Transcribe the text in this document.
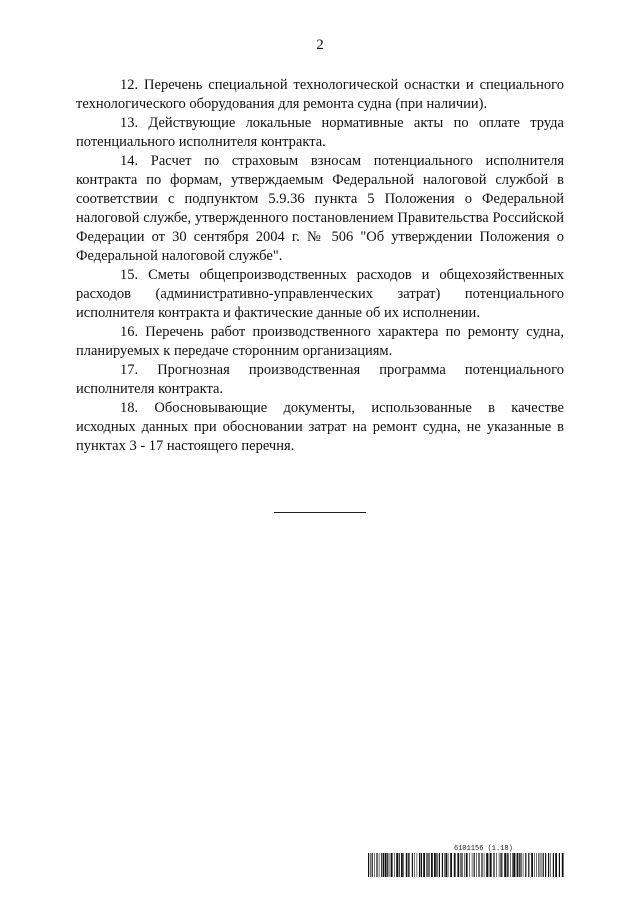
2

12. Перечень специальной технологической оснастки и специального технологического оборудования для ремонта судна (при наличии).

13. Действующие локальные нормативные акты по оплате труда потенциального исполнителя контракта.

14. Расчет по страховым взносам потенциального исполнителя контракта по формам, утверждаемым Федеральной налоговой службой в соответствии с подпунктом 5.9.36 пункта 5 Положения о Федеральной налоговой службе, утвержденного постановлением Правительства Российской Федерации от 30 сентября 2004 г. № 506 "Об утверждении Положения о Федеральной налоговой службе".

15. Сметы общепроизводственных расходов и общехозяйственных расходов (административно-управленческих затрат) потенциального исполнителя контракта и фактические данные об их исполнении.

16. Перечень работ производственного характера по ремонту судна, планируемых к передаче сторонним организациям.

17. Прогнозная производственная программа потенциального исполнителя контракта.

18. Обосновывающие документы, использованные в качестве исходных данных при обосновании затрат на ремонт судна, не указанные в пунктах 3 - 17 настоящего перечня.

6101156 (1.18)
